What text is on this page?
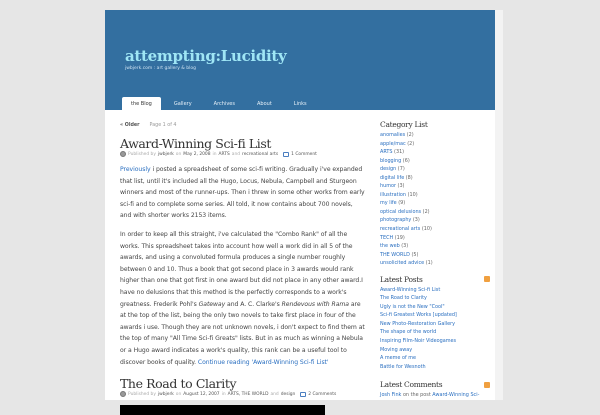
attempting:Lucidity
jwbjerk.com : art gallery & blog
the Blog	Gallery	Archives	About	Links
« Older Page 1 of 4
Award-Winning Sci-fi List
Published by jwbjerk on May 2, 2008 in ARTS and recreational arts	1 Comment

Previously i posted a spreadsheet of some sci-fi writing. Gradually i've expanded that list, until it's included all the Hugo, Locus, Nebula, Campbell and Sturgeon winners and most of the runner-ups. Then i threw in some other works from early sci-fi and to complete some series. All told, it now contains about 700 novels, and with shorter works 2153 items.

In order to keep all this straight, i've calculated the "Combo Rank" of all the works. This spreadsheet takes into account how well a work did in all 5 of the awards, and using a convoluted formula produces a single number roughly between 0 and 10. Thus a book that got second place in 3 awards would rank higher than one that got first in one award but did not place in any other award.I have no delusions that this method is the perfectly corresponds to a work's greatness. Frederik Pohl's Gateway and A. C. Clarke's Rendevous with Rama are at the top of the list, being the only two novels to take first place in four of the awards i use. Though they are not unknown novels, i don't expect to find them at the top of many "All Time Sci-fi Greats" lists. But in as much as winning a Nebula or a Hugo award indicates a work's quality, this rank can be a useful tool to discover books of quality. Continue reading 'Award-Winning Sci-fi List'

The Road to Clarity
Published by jwbjerk on August 12, 2007 in ARTS, THE WORLD and design	2 Comments
Category List
anomalies (2)
apple/mac (2)
ARTS (31)
blogging (6)
design (7)
digital life (8)
humor (3)
illustration (10)
my life (9)
optical delusions (2)
photography (3)
recreational arts (10)
TECH (19)
the web (3)
THE WORLD (5)
unsolicited advice (1)
Latest Posts
Award-Winning Sci-fi List
The Road to Clarity
Ugly is not the New "Cool"
Sci-fi Greatest Works [updated]
New Photo-Restoration Gallery
The shape of the world
Inspiring Film-Noir Videogames
Moving away
A meme of me
Battle for Wesnoth
Latest Comments
Josh Fink on the post Award-Winning Sci-
